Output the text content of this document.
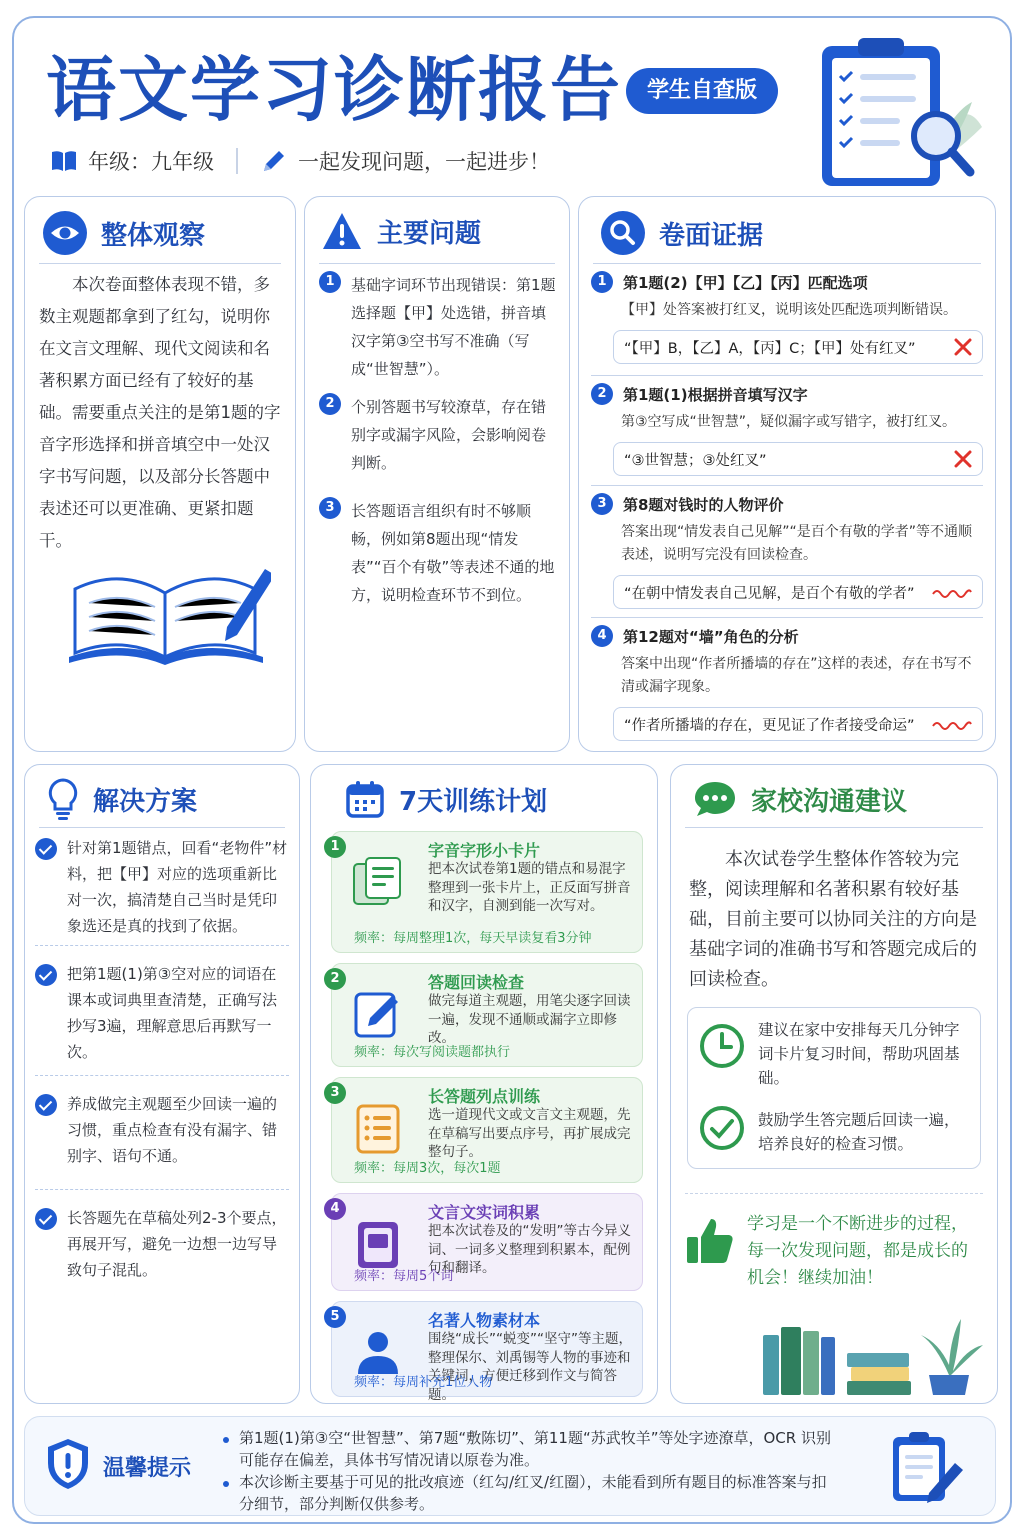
语文学习诊断报告	学生自查版
年级：九年级	一起发现问题，一起进步！
整体观察
本次卷面整体表现不错，多数主观题都拿到了红勾，说明你在文言文理解、现代文阅读和名著积累方面已经有了较好的基础。需要重点关注的是第1题的字音字形选择和拼音填空中一处汉字书写问题，以及部分长答题中表述还可以更准确、更紧扣题干。
主要问题
1	基础字词环节出现错误：第1题选择题【甲】处选错，拼音填汉字第③空书写不准确（写成“世智慧”）。
2	个别答题书写较潦草，存在错别字或漏字风险，会影响阅卷判断。
3	长答题语言组织有时不够顺畅，例如第8题出现“情发表”“百个有敬”等表述不通的地方，说明检查环节不到位。
卷面证据
1	第1题(2)【甲】【乙】【丙】匹配选项
【甲】处答案被打红叉，说明该处匹配选项判断错误。
“【甲】B，【乙】A，【丙】C；【甲】处有红叉”
2	第1题(1)根据拼音填写汉字
第③空写成“世智慧”，疑似漏字或写错字，被打红叉。
“③世智慧；③处红叉”
3	第8题对钱时的人物评价
答案出现“情发表自己见解”“是百个有敬的学者”等不通顺表述，说明写完没有回读检查。
“在朝中情发表自己见解，是百个有敬的学者”
4	第12题对“墙”角色的分析
答案中出现“作者所播墙的存在”这样的表述，存在书写不清或漏字现象。
“作者所播墙的存在，更见证了作者接受命运”
解决方案
针对第1题错点，回看“老物件”材料，把【甲】对应的选项重新比对一次，搞清楚自己当时是凭印象选还是真的找到了依据。
把第1题(1)第③空对应的词语在课本或词典里查清楚，正确写法抄写3遍，理解意思后再默写一次。
养成做完主观题至少回读一遍的习惯，重点检查有没有漏字、错别字、语句不通。
长答题先在草稿处列2-3个要点，再展开写，避免一边想一边写导致句子混乱。
7天训练计划
1	字音字形小卡片
把本次试卷第1题的错点和易混字整理到一张卡片上，正反面写拼音和汉字，自测到能一次写对。
频率：每周整理1次，每天早读复看3分钟
2	答题回读检查
做完每道主观题，用笔尖逐字回读一遍，发现不通顺或漏字立即修改。
频率：每次写阅读题都执行
3	长答题列点训练
选一道现代文或文言文主观题，先在草稿写出要点序号，再扩展成完整句子。
频率：每周3次，每次1题
4	文言文实词积累
把本次试卷及的“发明”等古今异义词、一词多义整理到积累本，配例句和翻译。
频率：每周5个词
5	名著人物素材本
围绕“成长”“蜕变”“坚守”等主题，整理保尔、刘禹锡等人物的事迹和关键词，方便迁移到作文与简答题。
频率：每周补充1位人物
家校沟通建议
本次试卷学生整体作答较为完整，阅读理解和名著积累有较好基础，目前主要可以协同关注的方向是基础字词的准确书写和答题完成后的回读检查。
建议在家中安排每天几分钟字词卡片复习时间，帮助巩固基础。
鼓励学生答完题后回读一遍，培养良好的检查习惯。
学习是一个不断进步的过程，每一次发现问题，都是成长的机会！继续加油！
温馨提示
第1题(1)第③空“世智慧”、第7题“敷陈切”、第11题“苏武牧羊”等处字迹潦草，OCR 识别可能存在偏差，具体书写情况请以原卷为准。
本次诊断主要基于可见的批改痕迹（红勾/红叉/红圈），未能看到所有题目的标准答案与扣分细节，部分判断仅供参考。
